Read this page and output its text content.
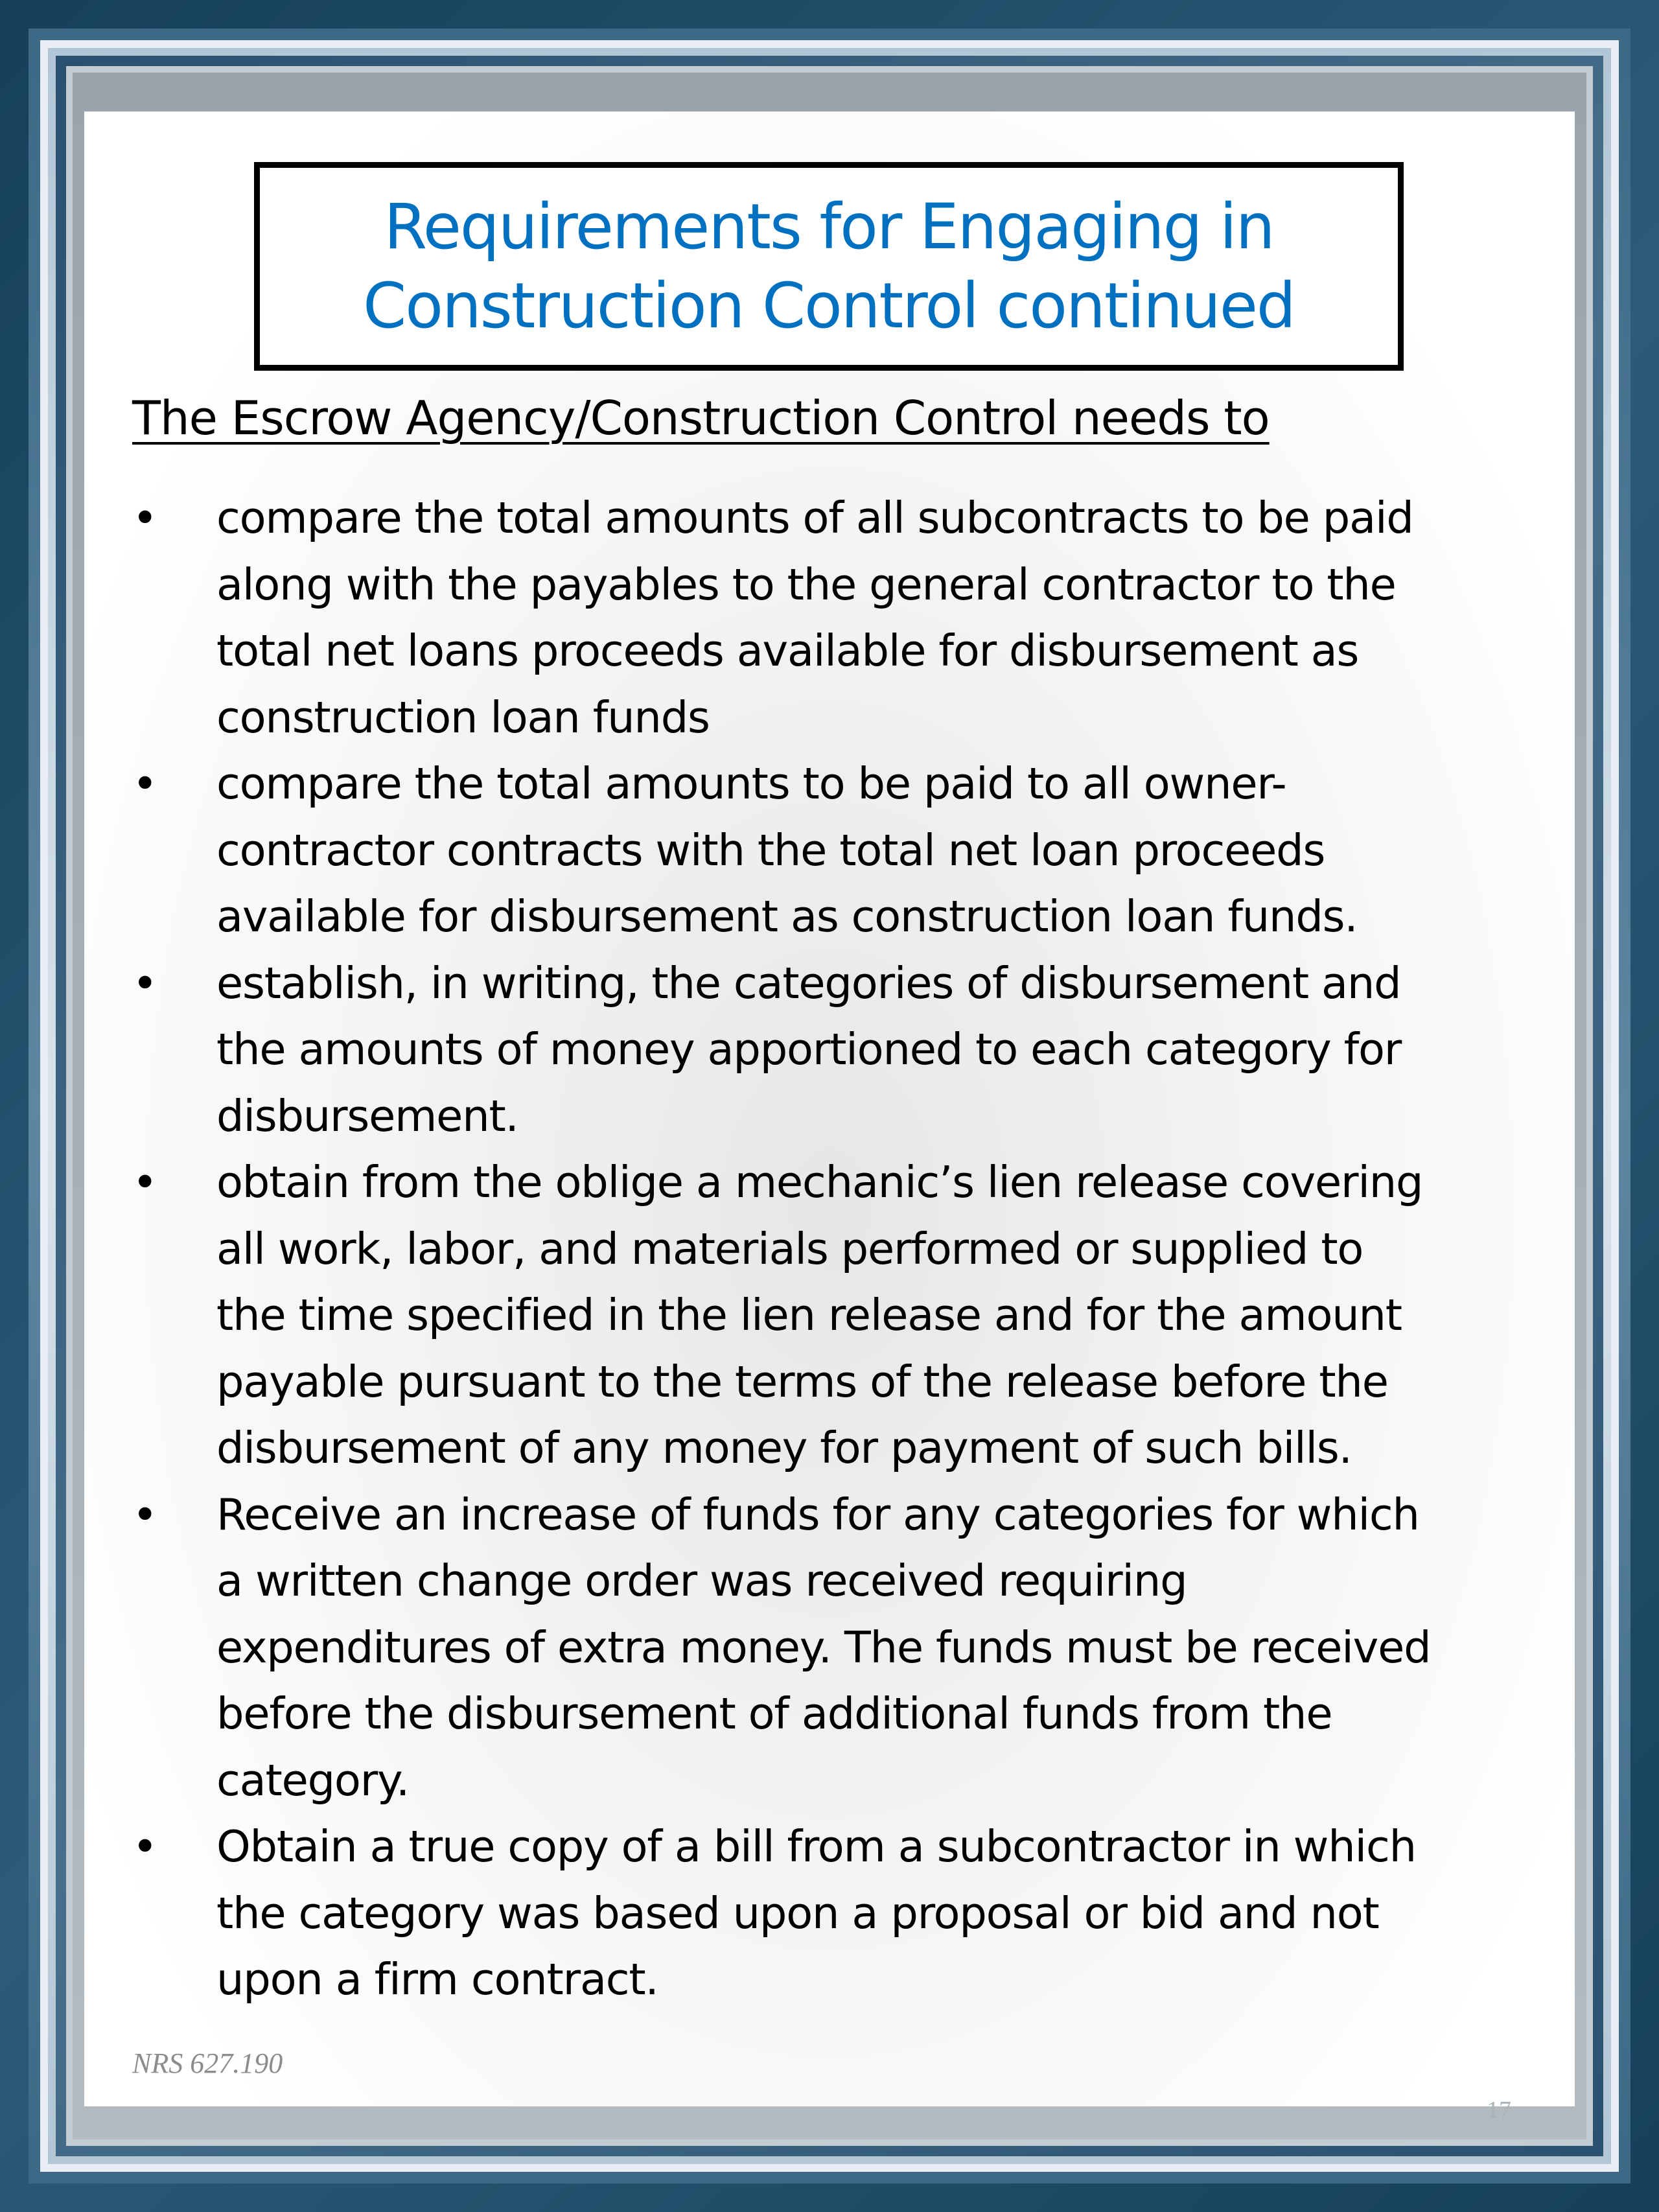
Requirements for Engaging in
Construction Control continued

The Escrow Agency/Construction Control needs to

• compare the total amounts of all subcontracts to be paid
along with the payables to the general contractor to the
total net loans proceeds available for disbursement as
construction loan funds
• compare the total amounts to be paid to all owner-
contractor contracts with the total net loan proceeds
available for disbursement as construction loan funds.
• establish, in writing, the categories of disbursement and
the amounts of money apportioned to each category for
disbursement.
• obtain from the oblige a mechanic’s lien release covering
all work, labor, and materials performed or supplied to
the time specified in the lien release and for the amount
payable pursuant to the terms of the release before the
disbursement of any money for payment of such bills.
• Receive an increase of funds for any categories for which
a written change order was received requiring
expenditures of extra money. The funds must be received
before the disbursement of additional funds from the
category.
• Obtain a true copy of a bill from a subcontractor in which
the category was based upon a proposal or bid and not
upon a firm contract.

NRS 627.190

17
